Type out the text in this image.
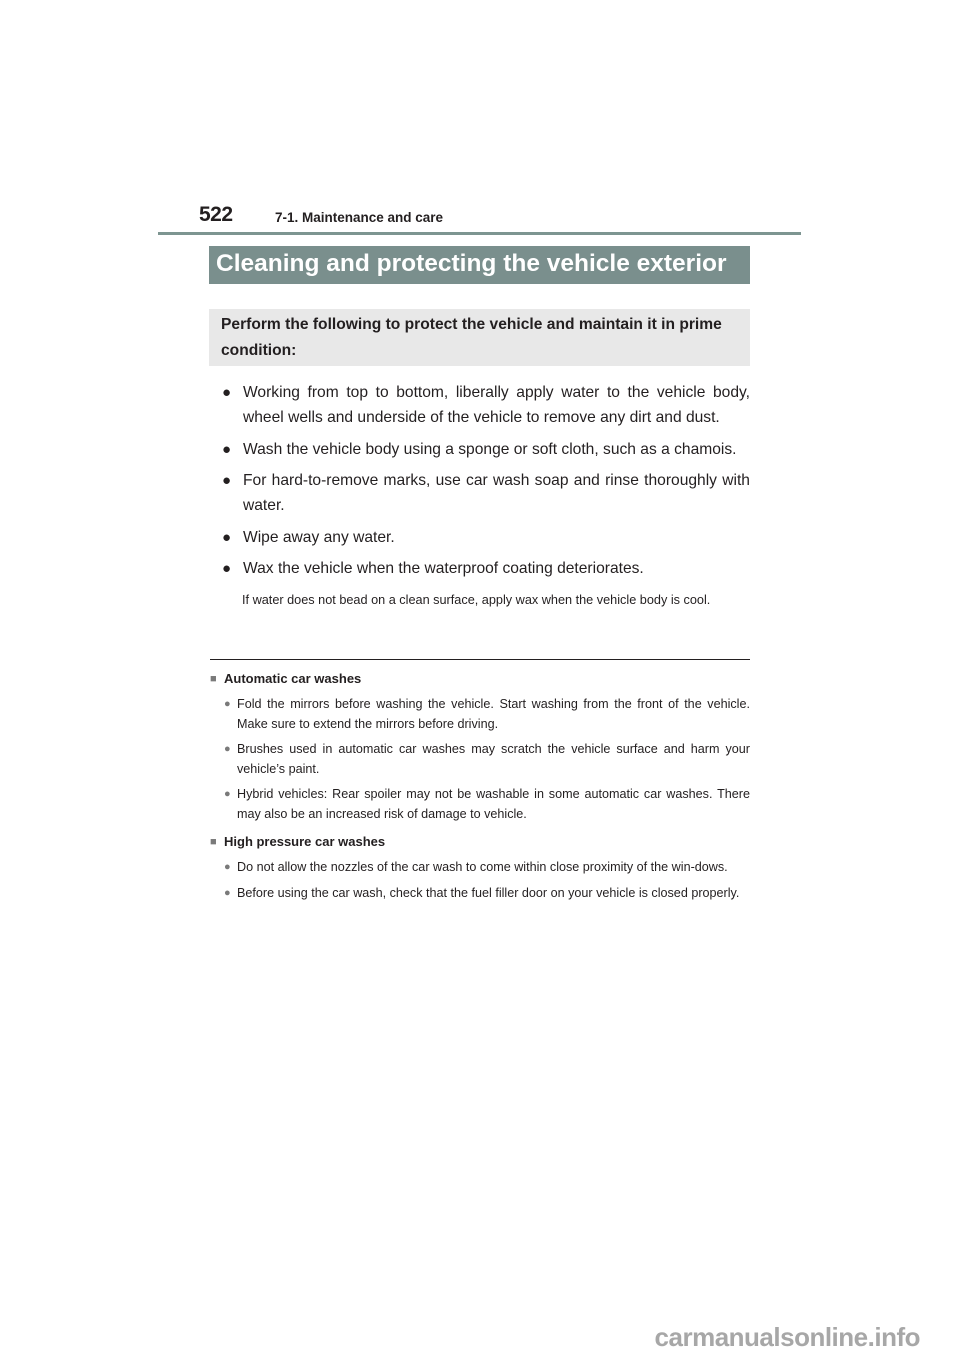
522	7-1. Maintenance and care
Cleaning and protecting the vehicle exterior
Perform the following to protect the vehicle and maintain it in prime condition:
● Working from top to bottom, liberally apply water to the vehicle body, wheel wells and underside of the vehicle to remove any dirt and dust.
● Wash the vehicle body using a sponge or soft cloth, such as a chamois.
● For hard-to-remove marks, use car wash soap and rinse thoroughly with water.
● Wipe away any water.
● Wax the vehicle when the waterproof coating deteriorates.
If water does not bead on a clean surface, apply wax when the vehicle body is cool.
■ Automatic car washes
● Fold the mirrors before washing the vehicle. Start washing from the front of the vehicle. Make sure to extend the mirrors before driving.
● Brushes used in automatic car washes may scratch the vehicle surface and harm your vehicle’s paint.
● Hybrid vehicles: Rear spoiler may not be washable in some automatic car washes. There may also be an increased risk of damage to vehicle.
■ High pressure car washes
● Do not allow the nozzles of the car wash to come within close proximity of the win-dows.
● Before using the car wash, check that the fuel filler door on your vehicle is closed properly.
carmanualsonline.info
